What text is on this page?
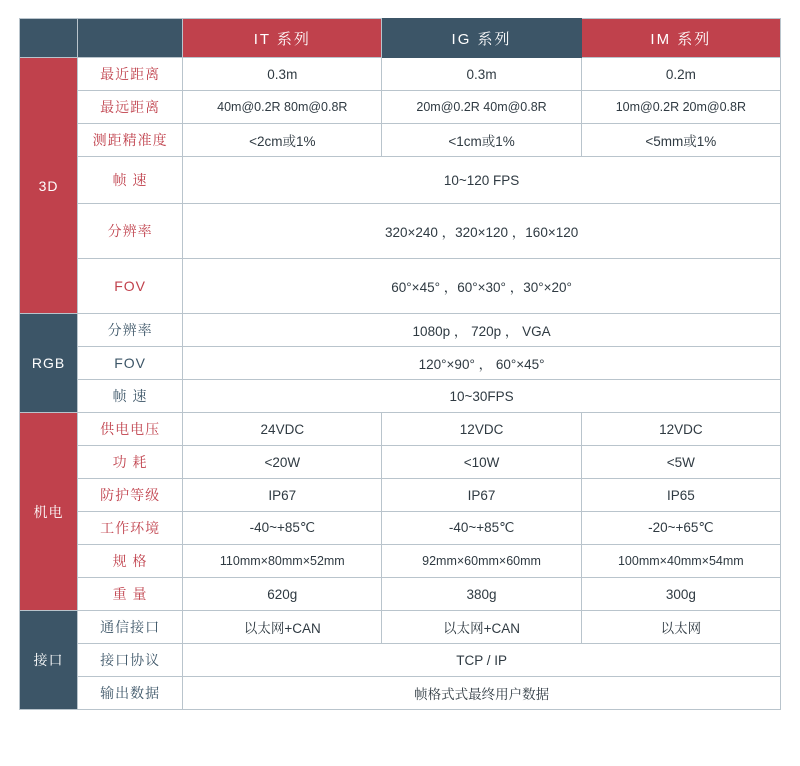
		IT 系列	IG 系列	IM 系列
3D	最近距离	0.3m	0.3m	0.2m
	最远距离	40m@0.2R 80m@0.8R	20m@0.2R 40m@0.8R	10m@0.2R 20m@0.8R
	测距精准度	<2cm或1%	<1cm或1%	<5mm或1%
	帧 速	10~120 FPS		
	分辨率	320×240 ，320×120 ，160×120		
	FOV	60°×45° ，60°×30° ，30°×20°		
RGB	分辨率	1080p ， 720p ， VGA		
	FOV	120°×90° ， 60°×45°		
	帧 速	10~30FPS		
机电	供电电压	24VDC	12VDC	12VDC
	功 耗	<20W	<10W	<5W
	防护等级	IP67	IP67	IP65
	工作环境	-40~+85℃	-40~+85℃	-20~+65℃
	规 格	110mm×80mm×52mm	92mm×60mm×60mm	100mm×40mm×54mm
	重 量	620g	380g	300g
接口	通信接口	以太网+CAN	以太网+CAN	以太网
	接口协议	TCP / IP		
	输出数据	帧格式式最终用户数据		
